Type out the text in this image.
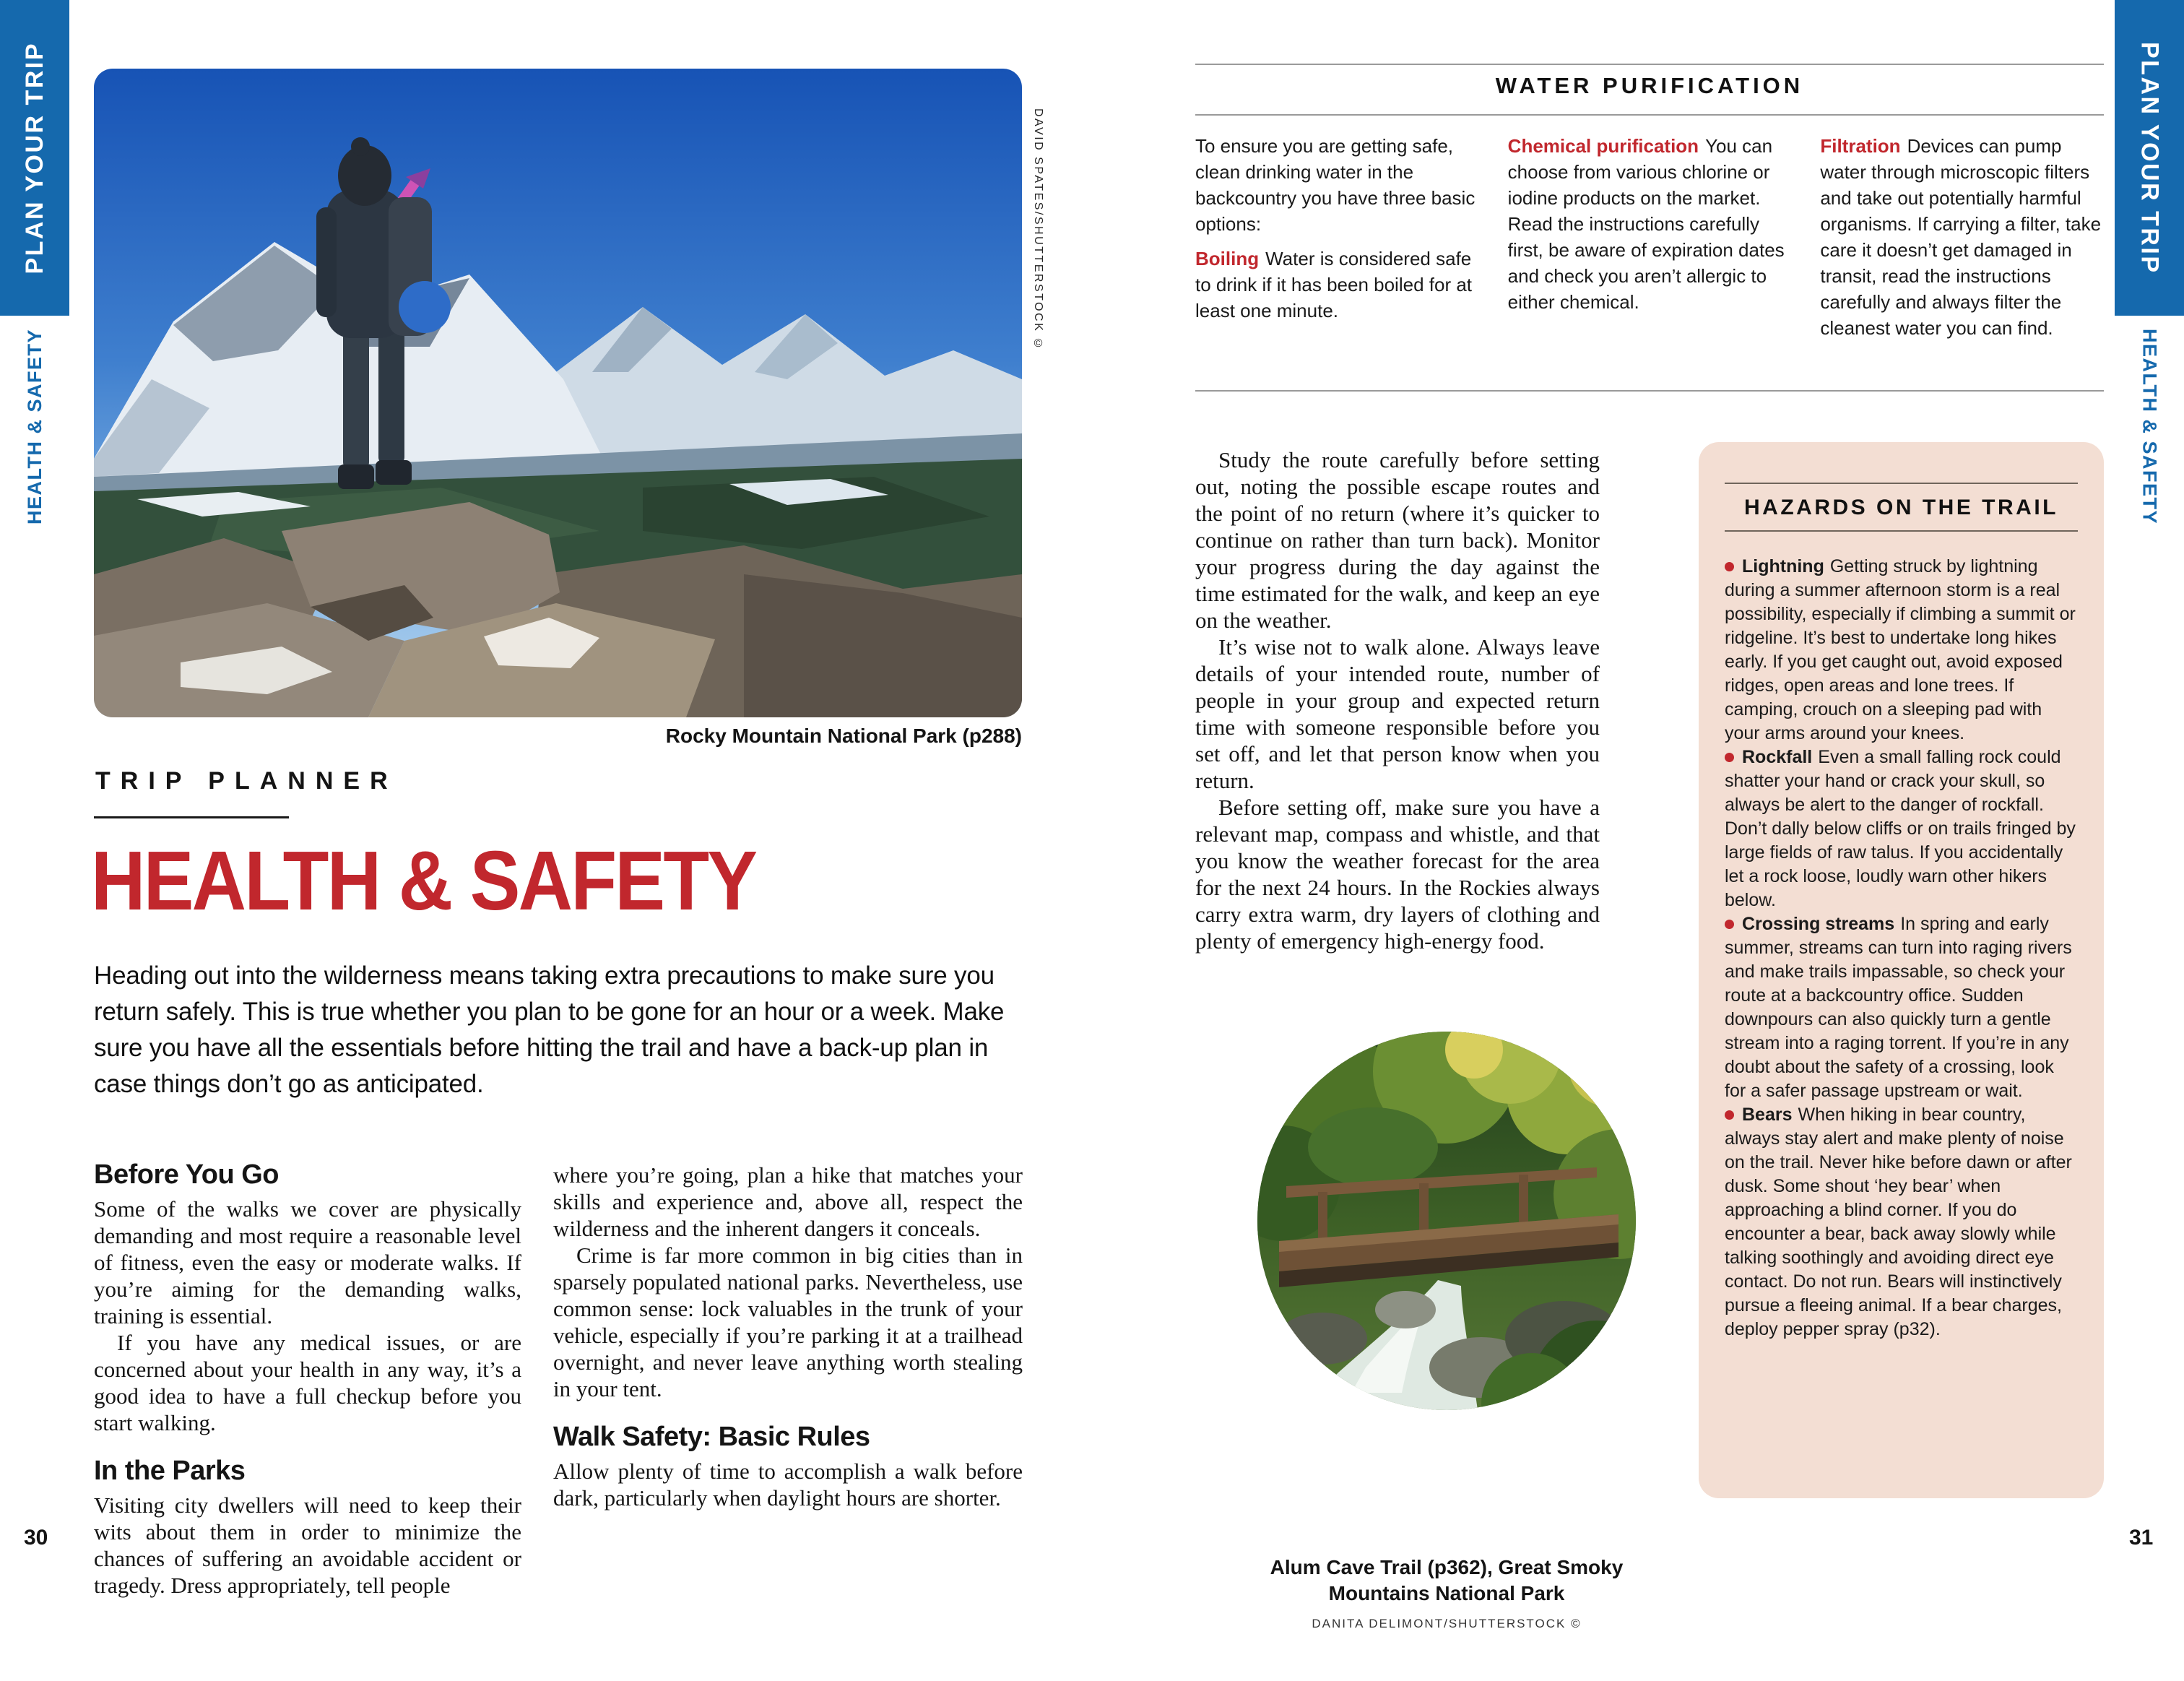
PLAN YOUR TRIP
HEALTH & SAFETY
PLAN YOUR TRIP
HEALTH & SAFETY
DAVID SPATES/SHUTTERSTOCK ©
Rocky Mountain National Park (p288)
TRIP PLANNER
HEALTH & SAFETY
Heading out into the wilderness means taking extra precautions to make sure you return safely. This is true whether you plan to be gone for an hour or a week. Make sure you have all the essentials before hitting the trail and have a back-up plan in case things don’t go as anticipated.
Before You Go

Some of the walks we cover are physically demanding and most require a reasonable level of fitness, even the easy or moderate walks. If you’re aiming for the demanding walks, training is essential.

If you have any medical issues, or are concerned about your health in any way, it’s a good idea to have a full checkup before you start walking.

In the Parks

Visiting city dwellers will need to keep their wits about them in order to minimize the chances of suffering an avoidable accident or tragedy. Dress appropriately, tell people

where you’re going, plan a hike that matches your skills and experience and, above all, respect the wilderness and the inherent dangers it conceals.

Crime is far more common in big cities than in sparsely populated national parks. Nevertheless, use common sense: lock valuables in the trunk of your vehicle, especially if you’re parking it at a trailhead overnight, and never leave anything worth stealing in your tent.

Walk Safety: Basic Rules

Allow plenty of time to accomplish a walk before dark, particularly when daylight hours are shorter.

30
WATER PURIFICATION

To ensure you are getting safe, clean drinking water in the backcountry you have three basic options:

Boiling Water is considered safe to drink if it has been boiled for at least one minute.

Chemical purification You can choose from various chlorine or iodine products on the market. Read the instructions carefully first, be aware of expiration dates and check you aren’t allergic to either chemical.

Filtration Devices can pump water through microscopic filters and take out potentially harmful organisms. If carrying a filter, take care it doesn’t get damaged in transit, read the instructions carefully and always filter the cleanest water you can find.

Study the route carefully before setting out, noting the possible escape routes and the point of no return (where it’s quicker to continue on rather than turn back). Monitor your progress during the day against the time estimated for the walk, and keep an eye on the weather.

It’s wise not to walk alone. Always leave details of your intended route, number of people in your group and expected return time with someone responsible before you set off, and let that person know when you return.

Before setting off, make sure you have a relevant map, compass and whistle, and that you know the weather forecast for the area for the next 24 hours. In the Rockies always carry extra warm, dry layers of clothing and plenty of emergency high-energy food.

HAZARDS ON THE TRAIL

Lightning Getting struck by lightning during a summer afternoon storm is a real possibility, especially if climbing a summit or ridgeline. It’s best to undertake long hikes early. If you get caught out, avoid exposed ridges, open areas and lone trees. If camping, crouch on a sleeping pad with your arms around your knees.

Rockfall Even a small falling rock could shatter your hand or crack your skull, so always be alert to the danger of rockfall. Don’t dally below cliffs or on trails fringed by large fields of raw talus. If you accidentally let a rock loose, loudly warn other hikers below.

Crossing streams In spring and early summer, streams can turn into raging rivers and make trails impassable, so check your route at a backcountry office. Sudden downpours can also quickly turn a gentle stream into a raging torrent. If you’re in any doubt about the safety of a crossing, look for a safer passage upstream or wait.

Bears When hiking in bear country, always stay alert and make plenty of noise on the trail. Never hike before dawn or after dusk. Some shout ‘hey bear’ when approaching a blind corner. If you do encounter a bear, back away slowly while talking soothingly and avoiding direct eye contact. Do not run. Bears will instinctively pursue a fleeing animal. If a bear charges, deploy pepper spray (p32).

Alum Cave Trail (p362), Great Smoky Mountains National Park
DANITA DELIMONT/SHUTTERSTOCK ©
31
